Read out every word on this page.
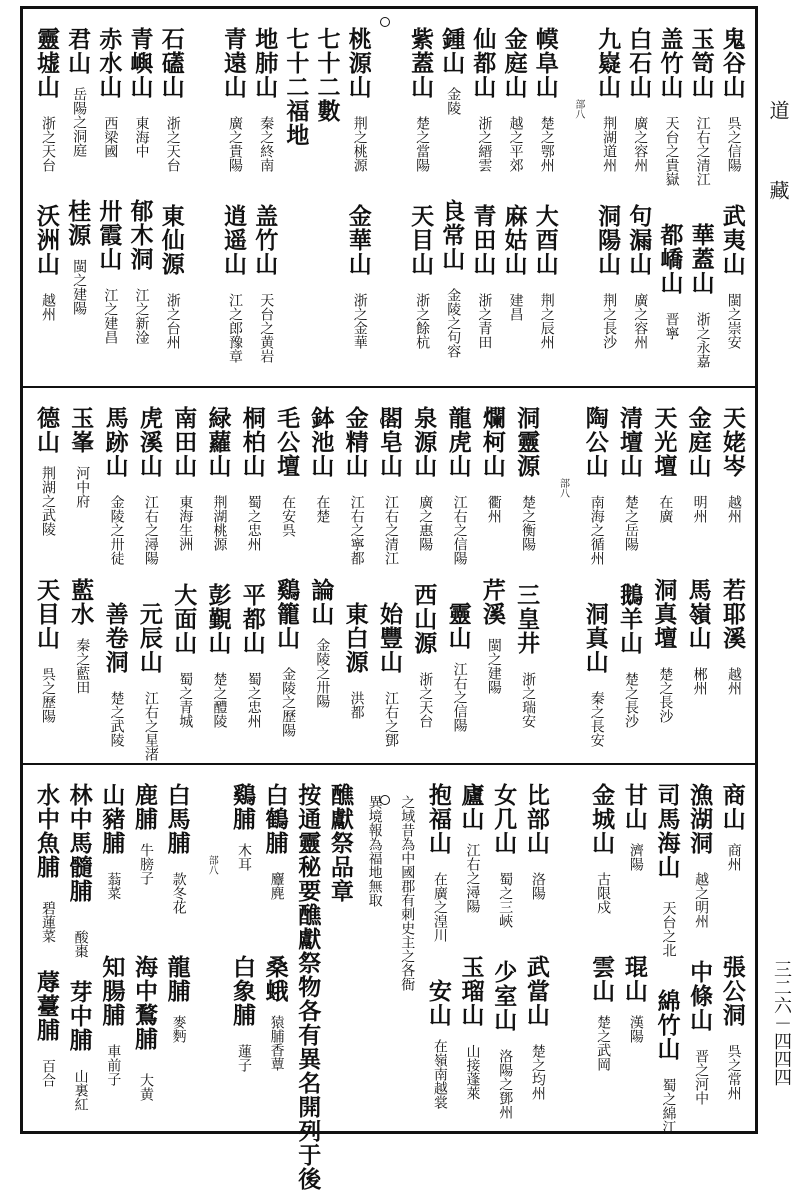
道
藏
三二六－四四四
鬼谷山
呉之信陽
武夷山
閩之崇安
玉笥山
江右之清江
華蓋山
浙之永嘉
盖竹山
天台之貴嶽
都嶠山
晋寧
白石山
廣之容州
句漏山
廣之容州
九嶷山
荆湖道州
洞陽山
荆之長沙
部八
幙阜山
楚之鄂州
大酉山
荆之辰州
金庭山
越之平郊
麻姑山
建昌
仙都山
浙之縉雲
青田山
浙之青田
鍾山
金陵
良常山
金陵之句容
紫蓋山
楚之當陽
天目山
浙之餘杭
桃源山
荆之桃源
金華山
浙之金華
七十二數
七十二福地
地肺山
秦之終南
盖竹山
天台之黄岩
青遠山
廣之貴陽
逍遥山
江之郎豫章
石礚山
浙之天台
東仙源
浙之台州
青嶼山
東海中
郁木洞
江之新淦
赤水山
西梁國
卅霞山
江之建昌
君山
岳陽之洞庭
桂源
閩之建陽
靈墟山
浙之天台
沃洲山
越州
天姥岑
越州
若耶溪
越州
金庭山
明州
馬嶺山
郴州
天光壇
在廣
洞真壇
楚之長沙
清壇山
楚之岳陽
鵝羊山
楚之長沙
陶公山
南海之循州
洞真山
秦之長安
部八
洞靈源
楚之衡陽
三皇井
浙之瑞安
爛柯山
衢州
芹溪
閩之建陽
龍虎山
江右之信陽
靈山
江右之信陽
泉源山
廣之惠陽
西山源
浙之天台
閤皂山
江右之清江
始豐山
江右之鄧
金精山
江右之寧都
東白源
洪都
鉢池山
在楚
論山
金陵之卅陽
毛公壇
在安呉
鷄籠山
金陵之歷陽
桐柏山
蜀之忠州
平都山
蜀之忠州
緑蘿山
荆湖桃源
彭覲山
楚之醴陵
南田山
東海生洲
大面山
蜀之青城
虎溪山
江右之潯陽
元辰山
江右之星渚
馬跡山
金陵之卅徒
善卷洞
楚之武陵
玉峯
河中府
藍水
秦之藍田
德山
荆湖之武陵
天目山
呉之歷陽
商山
商州
張公洞
呉之常州
漁湖洞
越之明州
中條山
晋之河中
司馬海山
天台之北
綿竹山
蜀之綿江
甘山
濟陽
琨山
漢陽
金城山
古限戍
雲山
楚之武岡
比部山
洛陽
武當山
楚之均州
女几山
蜀之三峽
少室山
洛陽之鄧州
廬山
江右之潯陽
玉瑠山
山接蓬萊
抱福山
在廣之湟川
安山
在嶺南越裳
之域昔為中國郡有刺史主之各衙
異境報為福地無取
醮獻祭品章
按通靈秘要醮獻祭物各有異名開列于後
白鶴脯
麞麂
桑蛾
猿脯香蕈
鷄脯
木耳
白象脯
蓮子
部八
白馬脯
款冬花
龍脯
麥麪
鹿脯
牛膀子
海中鶩脯
大黄
山豬脯
蓊菜
知腸脯
車前子
林中馬髓脯
酸棗
芽中脯
山裏紅
水中魚脯
碧蓮菜
蓐薹脯
百合
